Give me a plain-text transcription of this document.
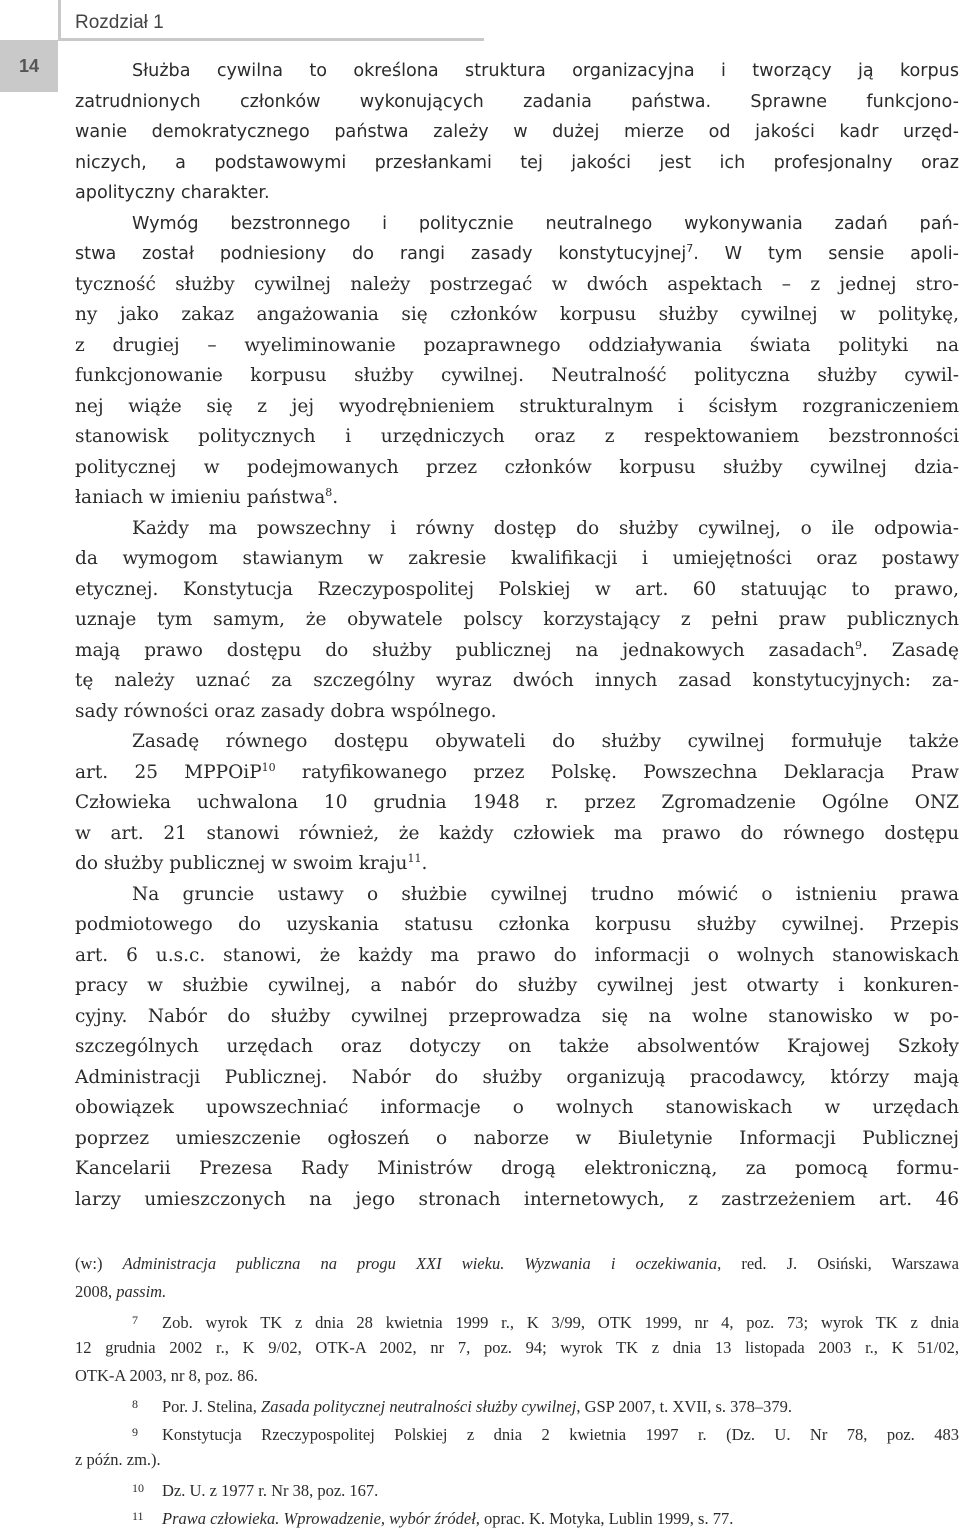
14
Rozdział 1
Służba cywilna to określona struktura organizacyjna i tworzący ją korpus
zatrudnionych członków wykonujących zadania państwa. Sprawne funkcjono-
wanie demokratycznego państwa zależy w dużej mierze od jakości kadr urzęd-
niczych, a podstawowymi przesłankami tej jakości jest ich profesjonalny oraz
apolityczny charakter.
Wymóg bezstronnego i politycznie neutralnego wykonywania zadań pań-
stwa został podniesiony do rangi zasady konstytucyjnej$^7$. W tym sensie apoli-
tyczność służby cywilnej należy postrzegać w dwóch aspektach – z jednej stro-
ny jako zakaz angażowania się członków korpusu służby cywilnej w politykę,
z drugiej – wyeliminowanie pozaprawnego oddziaływania świata polityki na
funkcjonowanie korpusu służby cywilnej. Neutralność polityczna służby cywil-
nej wiąże się z jej wyodrębnieniem strukturalnym i ścisłym rozgraniczeniem
stanowisk politycznych i urzędniczych oraz z respektowaniem bezstronności
politycznej w podejmowanych przez członków korpusu służby cywilnej dzia-
łaniach w imieniu państwa$^8$.
Każdy ma powszechny i równy dostęp do służby cywilnej, o ile odpowia-
da wymogom stawianym w zakresie kwalifikacji i umiejętności oraz postawy
etycznej. Konstytucja Rzeczypospolitej Polskiej w art. 60 statuując to prawo,
uznaje tym samym, że obywatele polscy korzystający z pełni praw publicznych
mają prawo dostępu do służby publicznej na jednakowych zasadach$^9$. Zasadę
tę należy uznać za szczególny wyraz dwóch innych zasad konstytucyjnych: za-
sady równości oraz zasady dobra wspólnego.
Zasadę równego dostępu obywateli do służby cywilnej formułuje także
art. 25 MPPOiP$^{10}$ ratyfikowanego przez Polskę. Powszechna Deklaracja Praw
Człowieka uchwalona 10 grudnia 1948 r. przez Zgromadzenie Ogólne ONZ
w art. 21 stanowi również, że każdy człowiek ma prawo do równego dostępu
do służby publicznej w swoim kraju$^{11}$.
Na gruncie ustawy o służbie cywilnej trudno mówić o istnieniu prawa
podmiotowego do uzyskania statusu członka korpusu służby cywilnej. Przepis
art. 6 u.s.c. stanowi, że każdy ma prawo do informacji o wolnych stanowiskach
pracy w służbie cywilnej, a nabór do służby cywilnej jest otwarty i konkuren-
cyjny. Nabór do służby cywilnej przeprowadza się na wolne stanowisko w po-
szczególnych urzędach oraz dotyczy on także absolwentów Krajowej Szkoły
Administracji Publicznej. Nabór do służby organizują pracodawcy, którzy mają
obowiązek upowszechniać informacje o wolnych stanowiskach w urzędach
poprzez umieszczenie ogłoszeń o naborze w Biuletynie Informacji Publicznej
Kancelarii Prezesa Rady Ministrów drogą elektroniczną, za pomocą formu-
larzy umieszczonych na jego stronach internetowych, z zastrzeżeniem art. 46
(w:) Administracja publiczna na progu XXI wieku. Wyzwania i oczekiwania, red. J. Osiński, Warszawa
2008, passim.
7 Zob. wyrok TK z dnia 28 kwietnia 1999 r., K 3/99, OTK 1999, nr 4, poz. 73; wyrok TK z dnia
12 grudnia 2002 r., K 9/02, OTK-A 2002, nr 7, poz. 94; wyrok TK z dnia 13 listopada 2003 r., K 51/02,
OTK-A 2003, nr 8, poz. 86.
8 Por. J. Stelina, Zasada politycznej neutralności służby cywilnej, GSP 2007, t. XVII, s. 378–379.
9 Konstytucja Rzeczypospolitej Polskiej z dnia 2 kwietnia 1997 r. (Dz. U. Nr 78, poz. 483
z późn. zm.).
10 Dz. U. z 1977 r. Nr 38, poz. 167.
11 Prawa człowieka. Wprowadzenie, wybór źródeł, oprac. K. Motyka, Lublin 1999, s. 77.
